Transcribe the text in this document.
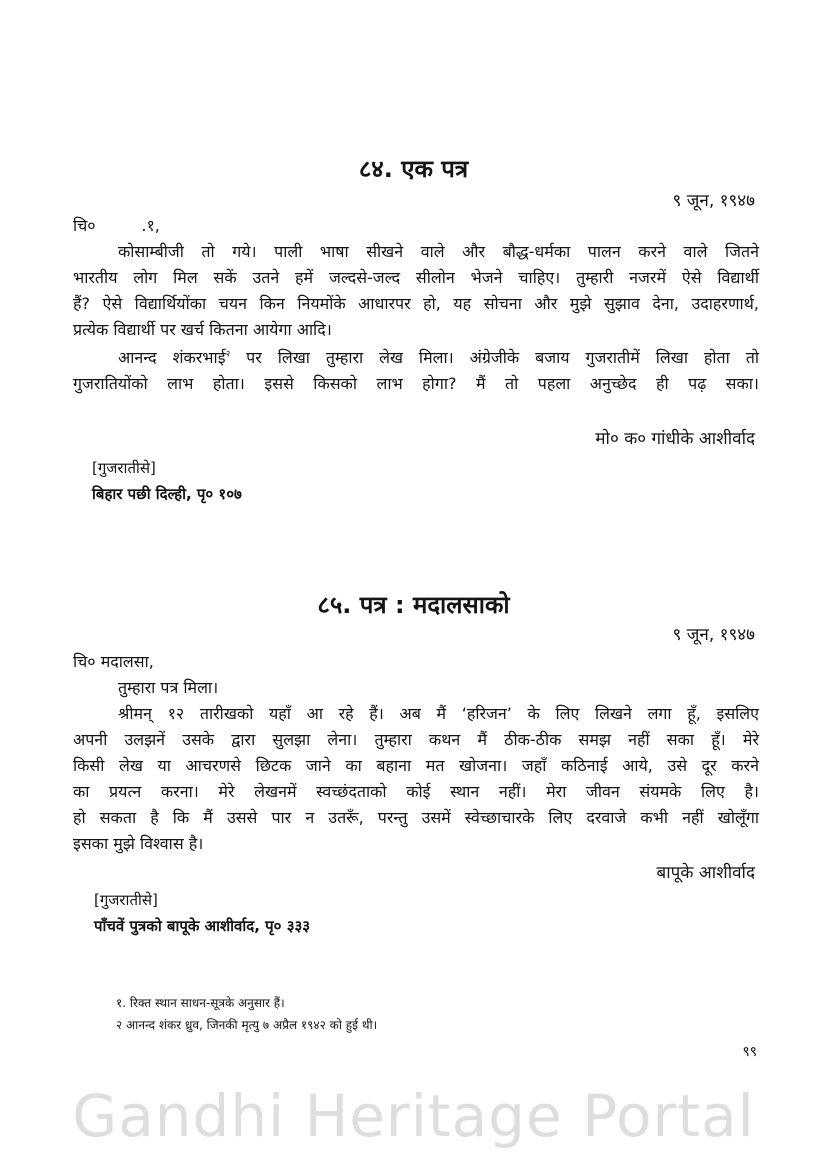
८४. एक पत्र
९ जून, १९४७
चि०         .१,
कोसाम्बीजी तो गये। पाली भाषा सीखने वाले और बौद्ध-धर्मका पालन करने वाले जितने
भारतीय लोग मिल सकें उतने हमें जल्दसे-जल्द सीलोन भेजने चाहिए। तुम्हारी नजरमें ऐसे विद्यार्थी
हैं? ऐसे विद्यार्थियोंका चयन किन नियमोंके आधारपर हो, यह सोचना और मुझे सुझाव देना, उदाहरणार्थ,
प्रत्येक विद्यार्थी पर खर्च कितना आयेगा आदि।
आनन्द शंकरभाई$^२$ पर लिखा तुम्हारा लेख मिला। अंग्रेजीके बजाय गुजरातीमें लिखा होता तो
गुजरातियोंको लाभ होता। इससे किसको लाभ होगा? मैं तो पहला अनुच्छेद ही पढ़ सका।
मो० क० गांधीके आशीर्वाद
[गुजरातीसे]
बिहार पछी दिल्ही, पृ० १०७
८५. पत्र : मदालसाको
९ जून, १९४७
चि० मदालसा,
तुम्हारा पत्र मिला।
श्रीमन् १२ तारीखको यहाँ आ रहे हैं। अब मैं ‘हरिजन’ के लिए लिखने लगा हूँ, इसलिए
अपनी उलझनें उसके द्वारा सुलझा लेना। तुम्हारा कथन मैं ठीक-ठीक समझ नहीं सका हूँ। मेरे
किसी लेख या आचरणसे छिटक जाने का बहाना मत खोजना। जहाँ कठिनाई आये, उसे दूर करने
का प्रयत्न करना। मेरे लेखनमें स्वच्छंदताको कोई स्थान नहीं। मेरा जीवन संयमके लिए है।
हो सकता है कि मैं उससे पार न उतरूँ, परन्तु उसमें स्वेच्छाचारके लिए दरवाजे कभी नहीं खोलूँगा
इसका मुझे विश्वास है।
बापूके आशीर्वाद
[गुजरातीसे]
पाँचवें पुत्रको बापूके आशीर्वाद, पृ० ३३३
१. रिक्त स्थान साधन-सूत्रके अनुसार हैं।
२ आनन्द शंकर ध्रुव, जिनकी मृत्यु ७ अप्रैल १९४२ को हुई थी।
९९
Gandhi Heritage Portal
